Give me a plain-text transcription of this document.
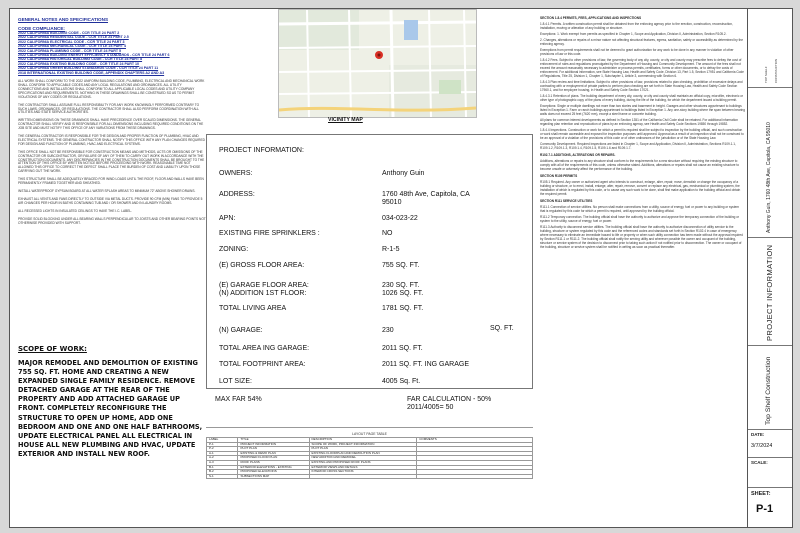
GENERAL NOTES AND SPECIFICATIONS
CODE COMPLIANCE:
2022 CALIFORNIA BUILDING CODE - CCR TITLE 24 PART 2
2022 CALIFORNIA RESIDENTIAL CODE - CCR TITLE 24 PART 2.5
2022 CALIFORNIA ELECTRICAL CODE - CCR TITLE 24 PART 3
2022 CALIFORNIA MECHANICAL CODE - CCR TITLE 24 PART 4
2022 CALIFORNIA PLUMBING CODE - CCR TITLE 24 PART 5
2022 CALIFORNIA BUILDING ENERGY EFFICIENCY STANDARDS - CCR TITLE 24 PART 6
2022 CALIFORNIA HISTORICAL BUILDING CODE - CCR TITLE 24 PART 8
2022 CALIFORNIA EXISTING BUILDING CODE - CCR TITLE 24 PART 10
2022 CALIFORNIA GREEN BUILDING STANDARDS CODE - CCR TITLE 24 PART 11
2018 INTERNATIONAL EXISTING BUILDING CODE, APPENDIX CHAPTERS A2 AND A3

ALL WORK SHALL CONFORM TO THE 2022 UNIFORM BUILDING CODE, PLUMBING, ELECTRICAL AND MECHANICAL WORK SHALL CONFORM TO APPLICABLE CODES AND ANY LOCAL REGULATIONS AND ORDINANCES. ALL UTILITY CONNECTIONS AND INSTALLATIONS SHALL CONFORM TO ALL APPLICABLE LOCAL CODES AND UTILITY COMPANY SPECIFICATIONS AND REQUIREMENTS. NOTHING IN THESE DRAWINGS SHALL BE CONSTRUED SO AS TO PERMIT VIOLATIONS OF ANY CODES OR REGULATIONS.

THE CONTRACTOR SHALL ASSUME FULL RESPONSIBILITY FOR ANY WORK KNOWINGLY PERFORMED CONTRARY TO SUCH LAWS, ORDINANCES, OR REGULATIONS. THE CONTRACTOR SHALL ALSO PERFORM COORDINATION WITH ALL UTILITIES AND STATE SERVICE AUTHORITIES.

WRITTEN DIMENSIONS ON THESE DRAWINGS SHALL HAVE PRECEDENCE OVER SCALED DIMENSIONS. THE GENERAL CONTRACTOR SHALL VERIFY AND IS RESPONSIBLE FOR ALL DIMENSIONS INCLUDING REQUIRED CONDITIONS ON THE JOB SITE AND MUST NOTIFY THIS OFFICE OF ANY VARIATIONS FROM THESE DRAWINGS.

THE GENERAL CONTRACTOR IS RESPONSIBLE FOR THE DESIGN AND PROPER FUNCTION OF PLUMBING, HVAC AND ELECTRICAL SYSTEMS. THE GENERAL CONTRACTOR SHALL NOTIFY THIS OFFICE WITH ANY PLAN CHANGES REQUIRED FOR DESIGN AND FUNCTION OF PLUMBING, HVAC AND ELECTRICAL SYSTEMS.

THIS OFFICE SHALL NOT BE RESPONSIBLE FOR CONSTRUCTION MEANS AND METHODS, ACTS OR OMISSIONS OF THE CONTRACTOR OR SUBCONTRACTOR, OR FAILURE OF ANY OF THEM TO CARRY OUT WORK IN ACCORDANCE WITH THE CONSTRUCTION DOCUMENTS. ANY DISCREPANCIES IN THE CONSTRUCTION DOCUMENTS SHALL BE BROUGHT TO THE ATTENTION OF THIS OFFICE BY WRITTEN NOTICE BEFORE PROCEEDING WITH WORK. REASONABLE TIME NOT ALLOWED THIS OFFICE TO CORRECT THE DEFECT SHALL PLACE THE BURDEN OF COST AND LIABILITY UPON THOSE CARRYING OUT THE WORK.

THIS STRUCTURE SHALL BE ADEQUATELY BRACED FOR WIND LOADS UNTIL THE ROOF, FLOOR AND WALLS HAVE BEEN PERMANENTLY FRAMED TOGETHER AND SHEATHED.

INSTALL WATERPROOF GYPSUM BOARD AT ALL WATER SPLASH AREAS TO MINIMUM 72" ABOVE SHOWER DRAINS.

EXHAUST ALL VENTS AND FANS DIRECTLY TO OUTSIDE VIA METAL DUCTS. PROVIDE 90 CFM (MIN) FANS TO PROVIDE 5 AIR CHANGES PER HOUR IN BATHS CONTAINING TUB AND / OR SHOWER AND IN LAUNDRY ROOMS.

ALL RECESSED LIGHTS IN INSULATED CEILINGS TO HAVE THE I.C. LABEL.

PROVIDE SOLID BLOCKING UNDER ALL BEARING WALLS PERPENDICULAR TO JOISTS AND OTHER BEARING POINTS NOT OTHERWISE PROVIDED WITH SUPPORT.

SCOPE OF WORK:
MAJOR REMODEL AND DEMOLITION OF EXISTING 755 SQ. FT. HOME AND CREATING A NEW EXPANDED SINGLE FAMILY RESIDENCE. REMOVE DETACHED GARAGE AT THE REAR OF THE PROPERTY AND ADD ATTACHED GARAGE UP FRONT. COMPLETELY RECONFIGURE THE STRUCTURE TO OPEN UP HOME, ADD ONE BEDROOM AND ONE AND ONE HALF BATHROOMS, UPDATE ELECTRICAL PANEL ALL ELECTRICAL IN HOUSE ALL NEW PLUMBING AND HVAC, UPDATE EXTERIOR AND INSTALL NEW ROOF.
VICINITY MAP
PROJECT INFORMATION:
OWNERS:	Anthony Guin
ADDRESS:	1760 48th Ave, Capitola, CA 95010
APN:	034-023-22
EXISTING FIRE SPRINKLERS :	NO
ZONING:	R-1-5
(E) GROSS FLOOR AREA:	755 SQ. FT.
(E) GARAGE FLOOR AREA:	230 SQ. FT.
(N) ADDITION 1ST FLOOR:	1026 SQ. FT.
TOTAL LIVING AREA	1781 SQ. FT.
(N) GARAGE:	230	SQ. FT.
TOTAL AREA ING GARAGE:	2011 SQ. FT.
TOTAL FOOTPRINT AREA:	2011 SQ. FT. ING GARAGE
LOT SIZE:	4005 Sq. Ft.
MAX FAR 54%	FAR CALCULATION - 50%
2011/4005= 50
LAYOUT PAGE TABLE
LABEL	TITLE	DESCRIPTION	COMMENTS
P-1	PROJECT INFORMATION	SCOPE OF WORK, PROJECT INFORMATION	
P-2	PLOT PLAN	PLOT PLAN	
A-1	EXISTING & DEMO PLAN	EXISTING FLOORPLAN AND DEMOLITION PLAN	
A-2	PROPOSED FLOOR PLAN	NEW ADDITION AND REMODEL	
A-3	ROOF PLANS	EXISTING AND PROPOSED ROOF PLANS	
B-1	EXTERIOR ELEVATIONS - EXISTING	EXTERIOR VIEWS AND DETAILS	
B-2	PROPOSED ELEVATIONS	INTERIOR CROSS SECTIONS	
S-1	SUBSECTIONS MAP		

SECTION 1.8.4 PERMITS, FEES, APPLICATIONS AND INSPECTIONS

1.8.4.1 Permits. A written construction permit shall be obtained from the enforcing agency prior to the erection, construction, reconstruction, installation, moving or alteration of any building or structure.

Exceptions: 1. Work exempt from permits as specified in Chapter 1, Scope and Application, Division II, Administration, Section R105.2.

2. Changes, alterations or repairs of a minor nature not affecting structural features, egress, sanitation, safety or accessibility as determined by the enforcing agency.

Exemptions from permit requirements shall not be deemed to grant authorization for any work to be done in any manner in violation of other provisions of law or this code.

1.8.4.2 Fees. Subject to other provisions of law, the governing body of any city, county, or city and county may prescribe fees to defray the cost of enforcement of rules and regulations promulgated by the Department of Housing and Community Development. The amount of the fees shall not exceed the amount reasonably necessary to administer or process permits, certificates, forms or other documents, or to defray the costs of enforcement. For additional information, see State Housing Law, Health and Safety Code, Division 13, Part 1.5, Section 17951 and California Code of Regulations, Title 25, Division 1, Chapter 1, Subchapter 1, Article 3, commencing with Section 6.

1.8.4.3 Plan review and time limitations. Subject to other provisions of law, provisions related to plan checking, prohibition of excessive delays and contracting with or employment of private parties to perform plan checking are set forth in State Housing Law, Health and Safety Code Section 17960.1, and for employee housing, in Health and Safety Code Section 17021.

1.8.4.3.1 Retention of plans. The building department of every city, county, or city and county shall maintain an official copy, microfilm, electronic or other type of photographic copy of the plans of every building, during the life of the building, for which the department issued a building permit.

Exceptions: Single or multiple dwellings not more than two stories and basement in height. Garages and other structures appurtenant to buildings listed in Exception 1. Farm or ranch buildings appurtenant to buildings listed in Exception 1. Any one-story building where the span between bearing walls does not exceed 25 feet (7620 mm), except a steel frame or concrete building.

All plans for common interest developments as defined in Section 1351 of the California Civil Code shall be retained. For additional information regarding plan retention and reproduction of plans by an enforcing agency, see Health and Safety Code Sections 19850 through 19852.

1.8.4.4 Inspections. Construction or work for which a permit is required shall be subject to inspection by the building official, and such construction or work shall remain accessible and exposed for inspection purposes until approved. Approval as a result of an inspection shall not be construed to be an approval of a violation of the provisions of this code or of other ordinances of the jurisdiction or of the State Housing Law.

Community Development. Required inspections are listed in Chapter 1, Scope and Application, Division II, Administration, Sections R109.1.1, R109.1.2, R109.1.3, R109.1.4, R109.1.5, R109.1.6 and R109.1.7.

R102.7.1 ADDITIONS, ALTERATIONS OR REPAIRS.

Additions, alterations or repairs to any structure shall conform to the requirements for a new structure without requiring the existing structure to comply with all of the requirements of this code, unless otherwise stated. Additions, alterations or repairs shall not cause an existing structure to become unsafe or adversely affect the performance of the building.

SECTION R105 PERMITS

R105.1 Required. Any owner or authorized agent who intends to construct, enlarge, alter, repair, move, demolish or change the occupancy of a building or structure, or to erect, install, enlarge, alter, repair, remove, convert or replace any electrical, gas, mechanical or plumbing system, the installation of which is regulated by this code, or to cause any such work to be done, shall first make application to the building official and obtain the required permit.

SECTION R111 SERVICE UTILITIES

R111.1 Connection of service utilities. No person shall make connections from a utility, source of energy, fuel or power to any building or system that is regulated by this code for which a permit is required, until approved by the building official.

R111.2 Temporary connection. The building official shall have the authority to authorize and approve the temporary connection of the building or system to the utility, source of energy, fuel or power.

R111.3 Authority to disconnect service utilities. The building official shall have the authority to authorize disconnection of utility service to the building, structure or system regulated by this code and the referenced codes and standards set forth in Section R102.4 in case of emergency where necessary to eliminate an immediate hazard to life or property or when such utility connection has been made without the approval required by Section R111.1 or R111.2. The building official shall notify the serving utility and wherever possible the owner and occupant of the building, structure or service system of the decision to disconnect prior to taking such action if not notified prior to disconnection. The owner or occupant of the building, structure or service system shall be notified in writing as soon as practical thereafter.

TOP SHELF CONSTRUCTION
Anthony Guin, 1760 48th Ave, Capitola, CA 95010
PROJECT INFORMATION
Top Shelf Construction
DATE:
3/7/2024
SCALE:
SHEET:
P-1
